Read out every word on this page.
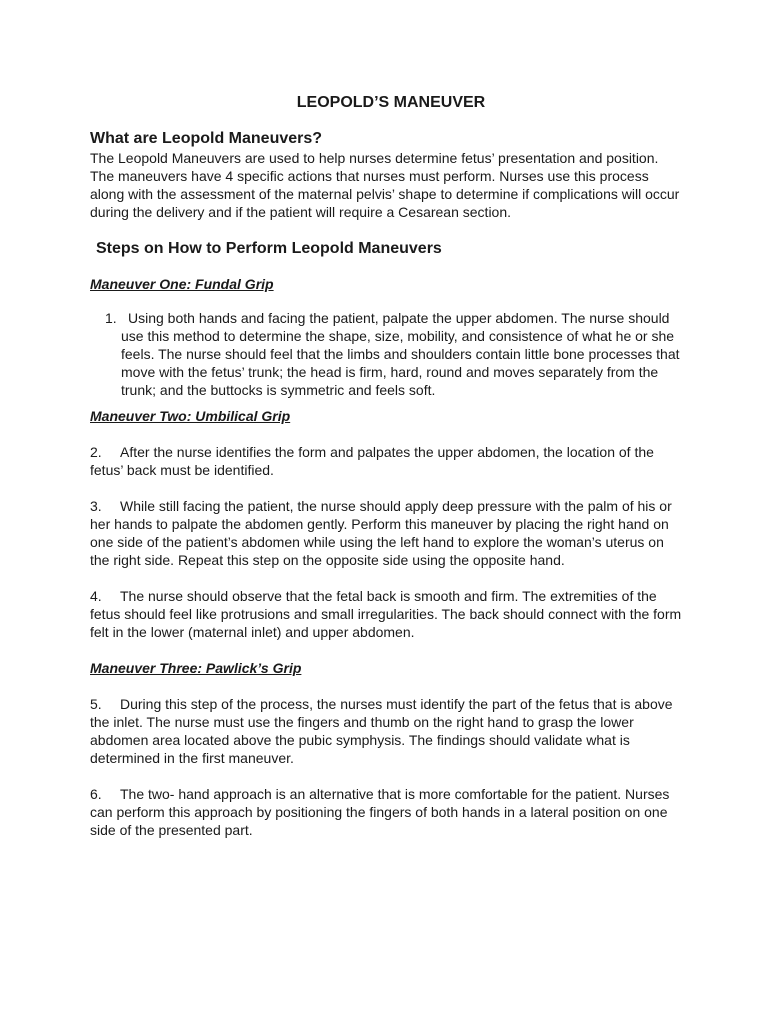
LEOPOLD’S MANEUVER
What are Leopold Maneuvers?

The Leopold Maneuvers are used to help nurses determine fetus’ presentation and position. The maneuvers have 4 specific actions that nurses must perform. Nurses use this process along with the assessment of the maternal pelvis’ shape to determine if complications will occur during the delivery and if the patient will require a Cesarean section.

Steps on How to Perform Leopold Maneuvers
Maneuver One: Fundal Grip
1. Using both hands and facing the patient, palpate the upper abdomen. The nurse should use this method to determine the shape, size, mobility, and consistence of what he or she feels. The nurse should feel that the limbs and shoulders contain little bone processes that move with the fetus’ trunk; the head is firm, hard, round and moves separately from the trunk; and the buttocks is symmetric and feels soft.
Maneuver Two: Umbilical Grip

2. After the nurse identifies the form and palpates the upper abdomen, the location of the fetus’ back must be identified.

3. While still facing the patient, the nurse should apply deep pressure with the palm of his or her hands to palpate the abdomen gently. Perform this maneuver by placing the right hand on one side of the patient’s abdomen while using the left hand to explore the woman’s uterus on the right side. Repeat this step on the opposite side using the opposite hand.

4. The nurse should observe that the fetal back is smooth and firm. The extremities of the fetus should feel like protrusions and small irregularities. The back should connect with the form felt in the lower (maternal inlet) and upper abdomen.

Maneuver Three: Pawlick’s Grip

5. During this step of the process, the nurses must identify the part of the fetus that is above the inlet. The nurse must use the fingers and thumb on the right hand to grasp the lower abdomen area located above the pubic symphysis. The findings should validate what is determined in the first maneuver.

6. The two- hand approach is an alternative that is more comfortable for the patient. Nurses can perform this approach by positioning the fingers of both hands in a lateral position on one side of the presented part.
